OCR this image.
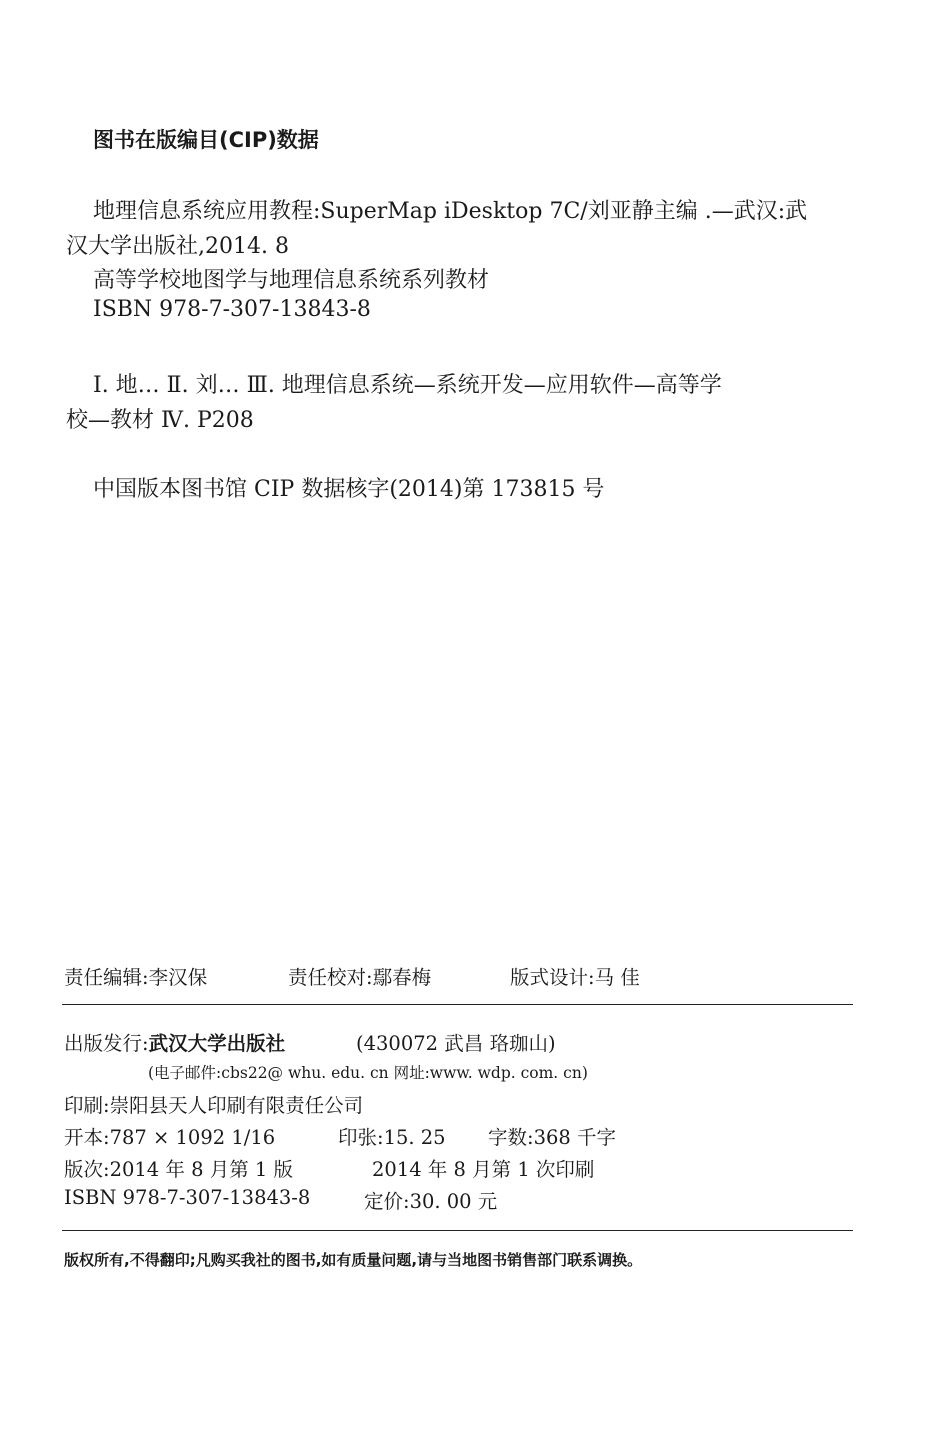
图书在版编目(CIP)数据
地理信息系统应用教程:SuperMap iDesktop 7C/刘亚静主编 .—武汉:武
汉大学出版社,2014. 8
高等学校地图学与地理信息系统系列教材
ISBN 978-7-307-13843-8
Ⅰ. 地… Ⅱ. 刘… Ⅲ. 地理信息系统—系统开发—应用软件—高等学
校—教材 Ⅳ. P208
中国版本图书馆 CIP 数据核字(2014)第 173815 号
责任编辑:李汉保	责任校对:鄢春梅	版式设计:马 佳
出版发行:武汉大学出版社	(430072 武昌 珞珈山)
(电子邮件:cbs22@ whu. edu. cn 网址:www. wdp. com. cn)
印刷:崇阳县天人印刷有限责任公司
开本:787 × 1092 1/16	印张:15. 25 字数:368 千字
版次:2014 年 8 月第 1 版	2014 年 8 月第 1 次印刷
ISBN 978-7-307-13843-8	定价:30. 00 元
版权所有,不得翻印;凡购买我社的图书,如有质量问题,请与当地图书销售部门联系调换。
